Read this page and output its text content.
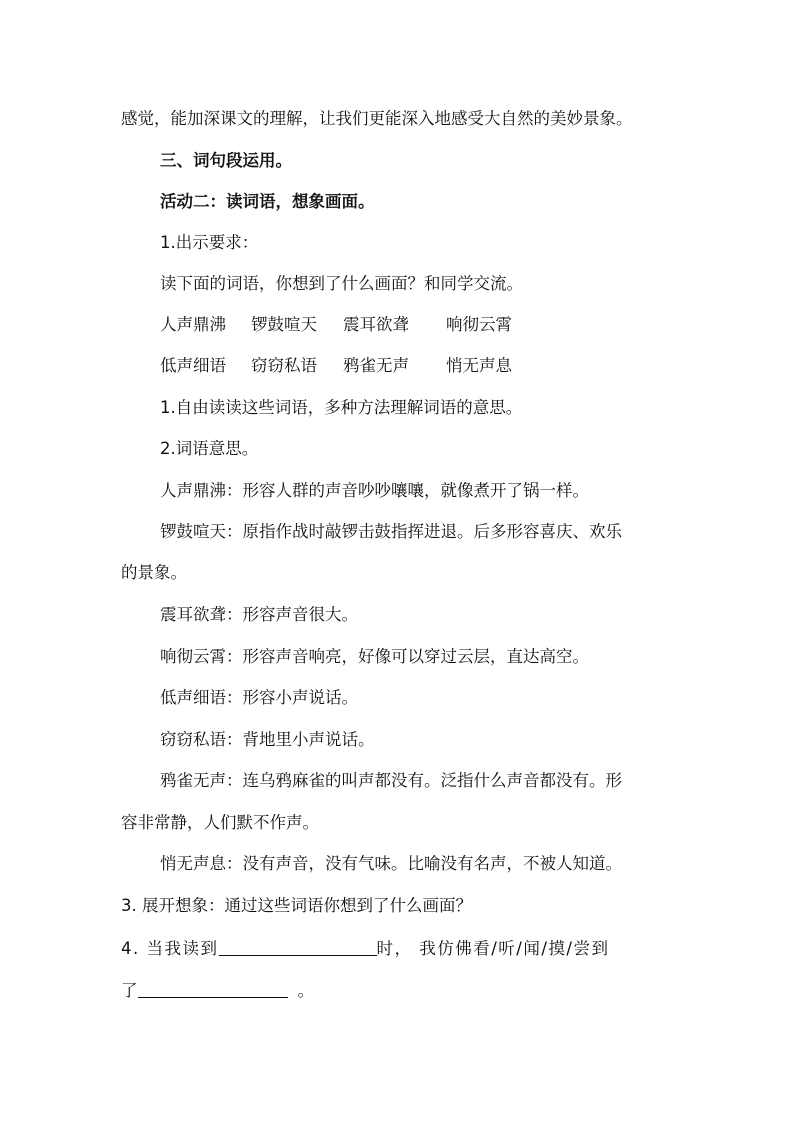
感觉，能加深课文的理解，让我们更能深入地感受大自然的美妙景象。
三、词句段运用。
活动二：读词语，想象画面。
1.出示要求：
读下面的词语，你想到了什么画面？和同学交流。
人声鼎沸 锣鼓喧天 震耳欲聋 响彻云霄
低声细语 窃窃私语 鸦雀无声 悄无声息
1.自由读读这些词语，多种方法理解词语的意思。
2.词语意思。
人声鼎沸：形容人群的声音吵吵嚷嚷，就像煮开了锅一样。
锣鼓喧天：原指作战时敲锣击鼓指挥进退。后多形容喜庆、欢乐
的景象。
震耳欲聋：形容声音很大。
响彻云霄：形容声音响亮，好像可以穿过云层，直达高空。
低声细语：形容小声说话。
窃窃私语：背地里小声说话。
鸦雀无声：连乌鸦麻雀的叫声都没有。泛指什么声音都没有。形
容非常静，人们默不作声。
悄无声息：没有声音，没有气味。比喻没有名声，不被人知道。
3. 展开想象：通过这些词语你想到了什么画面？
4. 当我读到	时， 我仿佛看/听/闻/摸/尝到
了	。
